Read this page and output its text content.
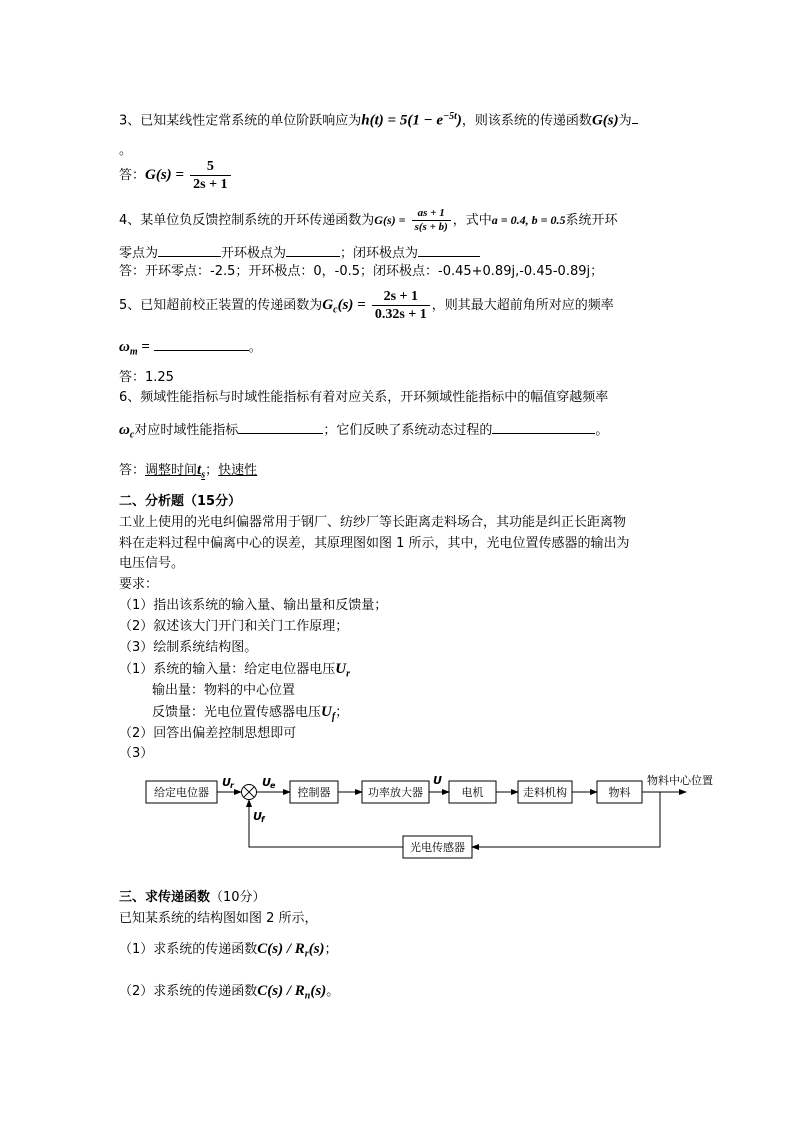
3、已知某线性定常系统的单位阶跃响应为$h(t) = 5(1 - e^{-5t})$，则该系统的传递函数G(s)为
。
答：$G(s) = \frac{5}{2s + 1}$
4、某单位负反馈控制系统的开环传递函数为$G(s) = \frac{as + 1}{s(s + b)}$ ，式中a = 0.4, b = 0.5系统开环
零点为	开环极点为	；闭环极点为
答：开环零点：-2.5；开环极点：0，-0.5；闭环极点：-0.45+0.89j,-0.45-0.89j；
5、已知超前校正装置的传递函数为$G_c(s) = \frac{2s + 1}{0.32s + 1}$ ，则其最大超前角所对应的频率
$\omega_m$ =	。
答：1.25
6、频域性能指标与时域性能指标有着对应关系，开环频域性能指标中的幅值穿越频率
$\omega_c$对应时域性能指标	；它们反映了系统动态过程的	。
答：调整时间$t_s$；快速性
二、分析题（15分）
工业上使用的光电纠偏器常用于钢厂、纺纱厂等长距离走料场合，其功能是纠正长距离物
料在走料过程中偏离中心的误差，其原理图如图 1 所示，其中，光电位置传感器的输出为
电压信号。
要求：
（1）指出该系统的输入量、输出量和反馈量；
（2）叙述该大门开门和关门工作原理；
（3）绘制系统结构图。
（1）系统的输入量：给定电位器电压$U_r$
输出量：物料的中心位置
反馈量：光电位置传感器电压$U_f$；
（2）回答出偏差控制思想即可
（3）
给定电位器	控制器	功率放大器	电机	走料机构	物料
光电传感器
物料中心位置
U r	U e	U
U f
三、求传递函数（10分）
已知某系统的结构图如图 2 所示，
（1）求系统的传递函数$C(s) / R_r(s)$；
（2）求系统的传递函数$C(s) / R_n(s)$。
